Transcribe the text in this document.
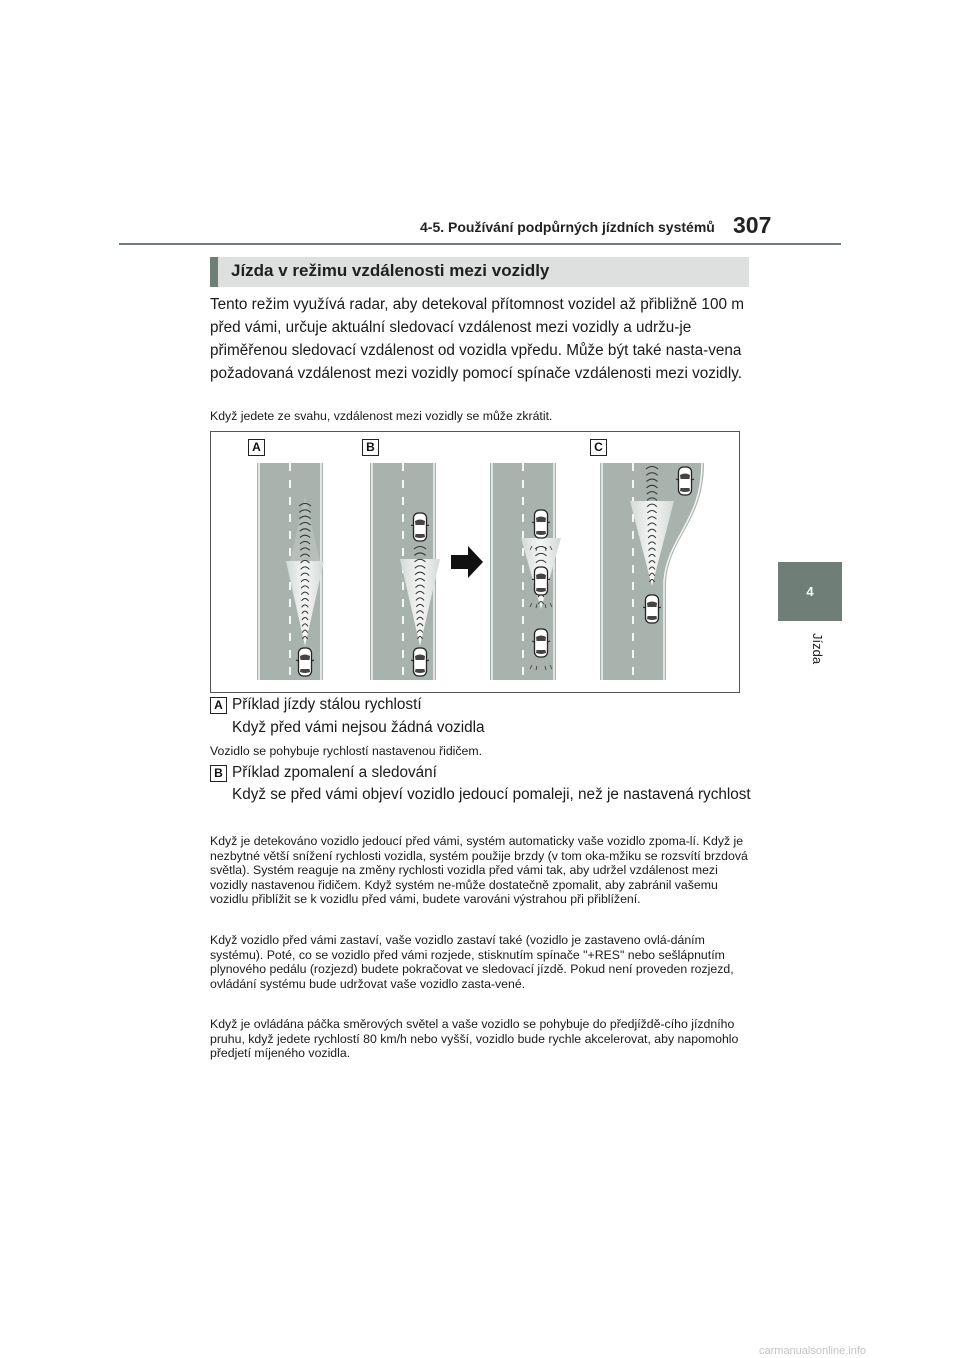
4-5. Používání podpůrných jízdních systémů 307
4
Jízda
Jízda v režimu vzdálenosti mezi vozidly

Tento režim využívá radar, aby detekoval přítomnost vozidel až přibližně 100 m před vámi, určuje aktuální sledovací vzdálenost mezi vozidly a udržu-je přiměřenou sledovací vzdálenost od vozidla vpředu. Může být také nasta-vena požadovaná vzdálenost mezi vozidly pomocí spínače vzdálenosti mezi vozidly.

Když jedete ze svahu, vzdálenost mezi vozidly se může zkrátit.

A	B	C
A Příklad jízdy stálou rychlostí
Když před vámi nejsou žádná vozidla

Vozidlo se pohybuje rychlostí nastavenou řidičem.

B Příklad zpomalení a sledování

Když se před vámi objeví vozidlo jedoucí pomaleji, než je nastavená rychlost

Když je detekováno vozidlo jedoucí před vámi, systém automaticky vaše vozidlo zpoma-lí. Když je nezbytné větší snížení rychlosti vozidla, systém použije brzdy (v tom oka-mžiku se rozsvítí brzdová světla). Systém reaguje na změny rychlosti vozidla před vámi tak, aby udržel vzdálenost mezi vozidly nastavenou řidičem. Když systém ne-může dostatečně zpomalit, aby zabránil vašemu vozidlu přiblížit se k vozidlu před vámi, budete varováni výstrahou při přiblížení.

Když vozidlo před vámi zastaví, vaše vozidlo zastaví také (vozidlo je zastaveno ovlá-dáním systému). Poté, co se vozidlo před vámi rozjede, stisknutím spínače "+RES" nebo sešlápnutím plynového pedálu (rozjezd) budete pokračovat ve sledovací jízdě. Pokud není proveden rozjezd, ovládání systému bude udržovat vaše vozidlo zasta-vené.

Když je ovládána páčka směrových světel a vaše vozidlo se pohybuje do předjíždě-cího jízdního pruhu, když jedete rychlostí 80 km/h nebo vyšší, vozidlo bude rychle akcelerovat, aby napomohlo předjetí míjeného vozidla.

carmanualsonline.info
